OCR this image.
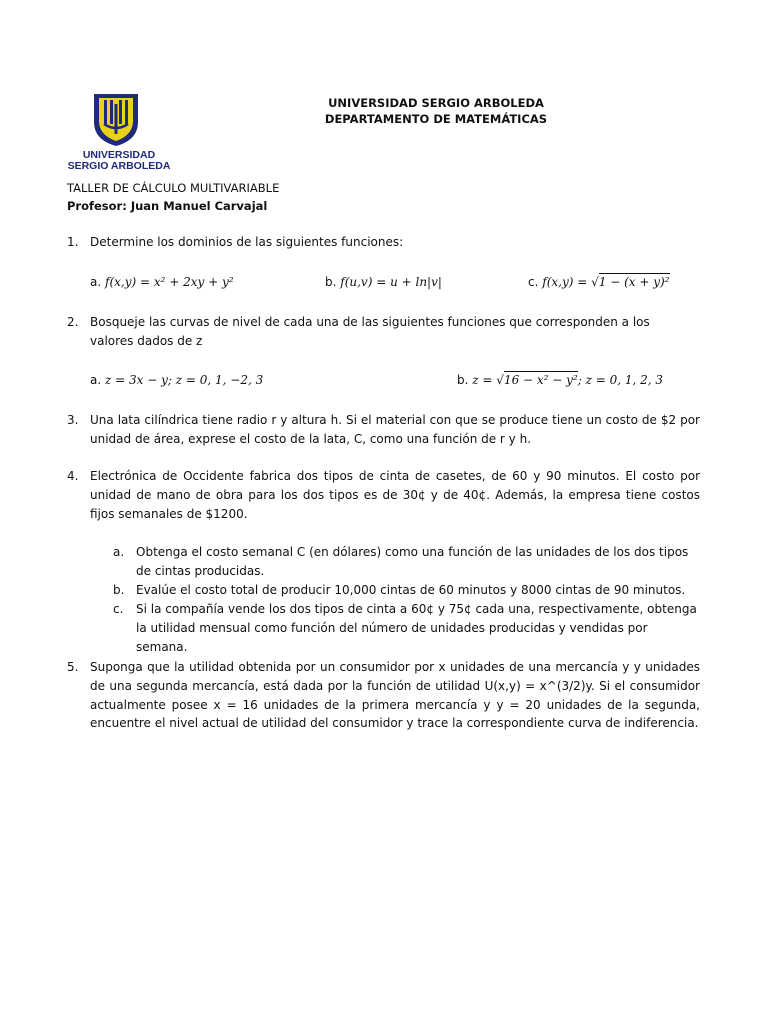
UNIVERSIDAD
SERGIO ARBOLEDA
UNIVERSIDAD SERGIO ARBOLEDA
DEPARTAMENTO DE MATEMÁTICAS
TALLER DE CÁLCULO MULTIVARIABLE
Profesor: Juan Manuel Carvajal
1. Determine los dominios de las siguientes funciones:
a. f(x,y) = x² + 2xy + y²	b. f(u,v) = u + ln|v|	c. f(x,y) = √1 − (x + y)²
2. Bosqueje las curvas de nivel de cada una de las siguientes funciones que corresponden a los valores dados de z
a. z = 3x − y; z = 0, 1, −2, 3	b. z = √16 − x² − y²; z = 0, 1, 2, 3
3. Una lata cilíndrica tiene radio r y altura h. Si el material con que se produce tiene un costo de $2 por unidad de área, exprese el costo de la lata, C, como una función de r y h.
4. Electrónica de Occidente fabrica dos tipos de cinta de casetes, de 60 y 90 minutos. El costo por unidad de mano de obra para los dos tipos es de 30¢ y de 40¢. Además, la empresa tiene costos fijos semanales de $1200.
a. Obtenga el costo semanal C (en dólares) como una función de las unidades de los dos tipos de cintas producidas.
b. Evalúe el costo total de producir 10,000 cintas de 60 minutos y 8000 cintas de 90 minutos.
c. Si la compañía vende los dos tipos de cinta a 60¢ y 75¢ cada una, respectivamente, obtenga la utilidad mensual como función del número de unidades producidas y vendidas por semana.
5. Suponga que la utilidad obtenida por un consumidor por x unidades de una mercancía y y unidades de una segunda mercancía, está dada por la función de utilidad U(x,y) = x^(3/2)y. Si el consumidor actualmente posee x = 16 unidades de la primera mercancía y y = 20 unidades de la segunda, encuentre el nivel actual de utilidad del consumidor y trace la correspondiente curva de indiferencia.
